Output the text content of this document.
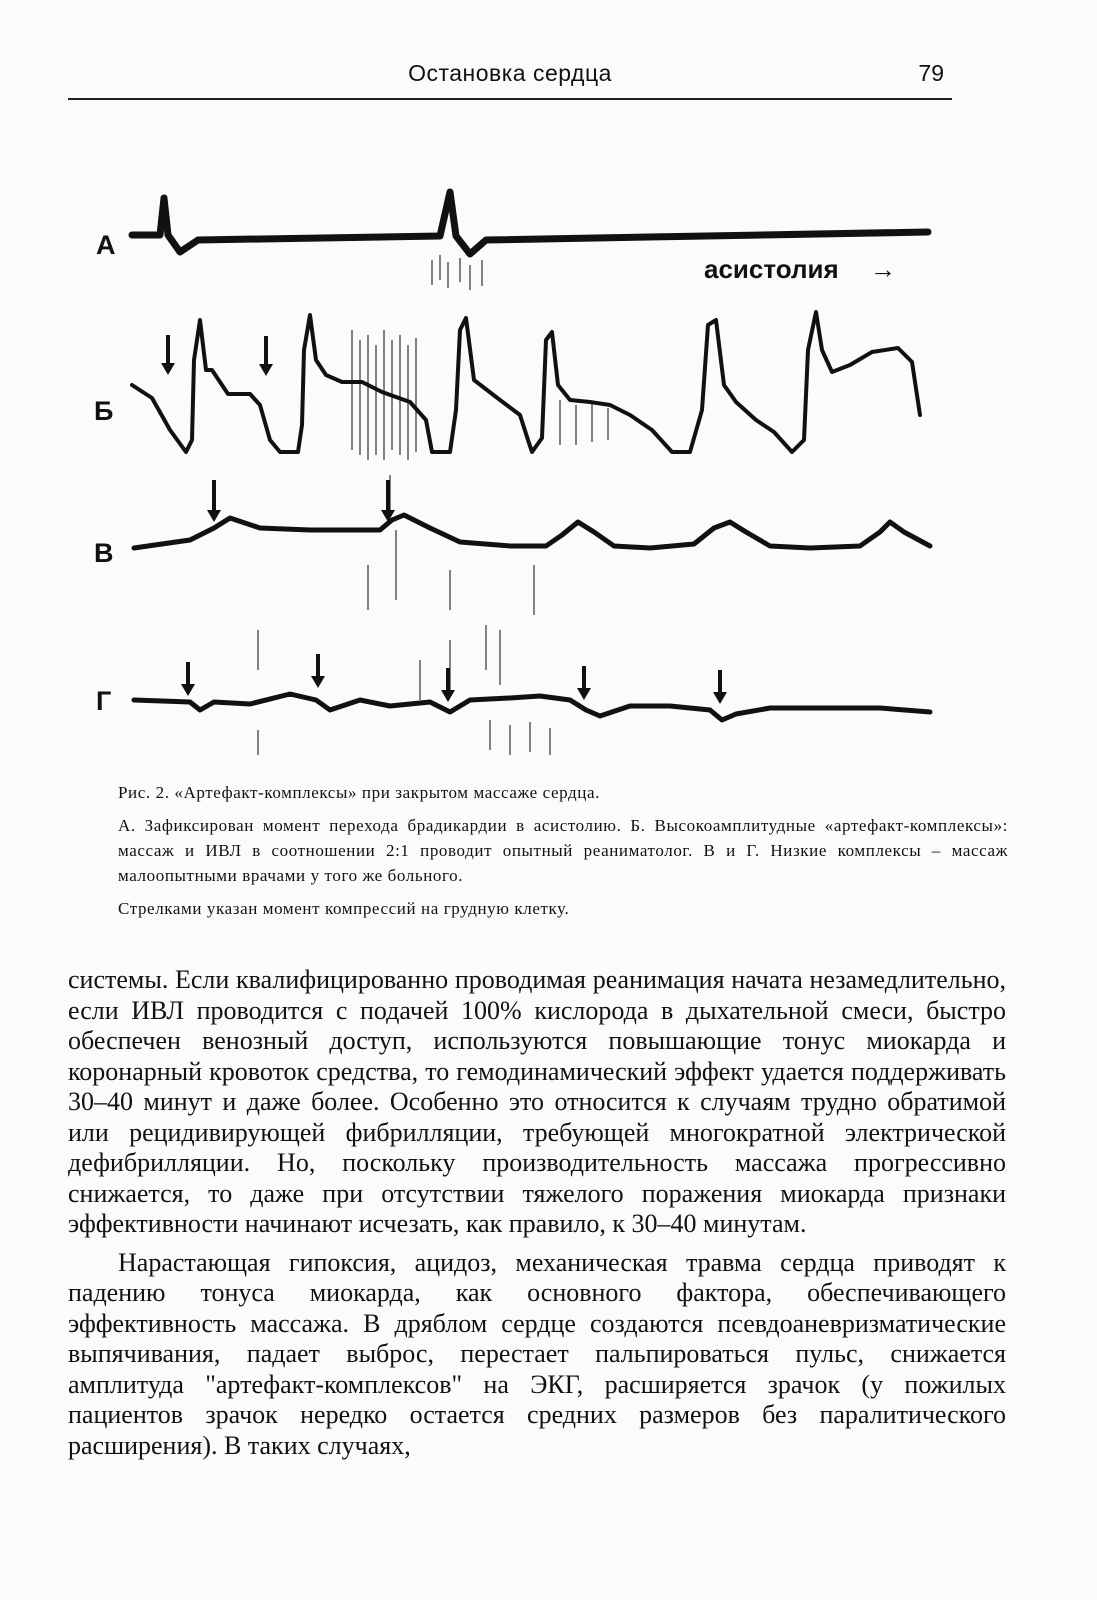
Остановка сердца	79
А
асистолия →
Б
В
Г

Рис. 2. «Артефакт-комплексы» при закрытом массаже сердца.

А. Зафиксирован момент перехода брадикардии в асистолию. Б. Высокоамплитудные «артефакт-комплексы»: массаж и ИВЛ в соотношении 2:1 проводит опытный реаниматолог. В и Г. Низкие комплексы – массаж малоопытными врачами у того же больного.

Стрелками указан момент компрессий на грудную клетку.

системы. Если квалифицированно проводимая реанимация начата незамедлительно, если ИВЛ проводится с подачей 100% кислорода в дыхательной смеси, быстро обеспечен венозный доступ, используются повышающие тонус миокарда и коронарный кровоток средства, то гемодинамический эффект удается поддерживать 30–40 минут и даже более. Особенно это относится к случаям трудно обратимой или рецидивирующей фибрилляции, требующей многократной электрической дефибрилляции. Но, поскольку производительность массажа прогрессивно снижается, то даже при отсутствии тяжелого поражения миокарда признаки эффективности начинают исчезать, как правило, к 30–40 минутам.

Нарастающая гипоксия, ацидоз, механическая травма сердца приводят к падению тонуса миокарда, как основного фактора, обеспечивающего эффективность массажа. В дряблом сердце создаются псевдоаневризматические выпячивания, падает выброс, перестает пальпироваться пульс, снижается амплитуда "артефакт-комплексов" на ЭКГ, расширяется зрачок (у пожилых пациентов зрачок нередко остается средних размеров без паралитического расширения). В таких случаях,
